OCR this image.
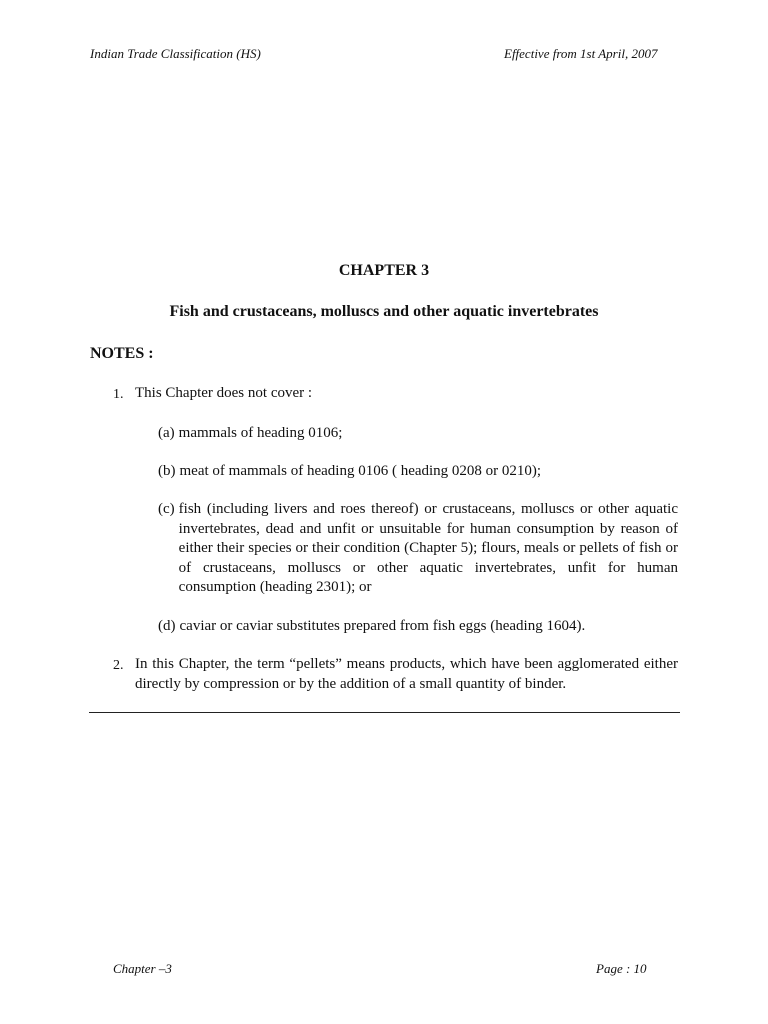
Indian Trade Classification (HS)	Effective from 1st April, 2007
CHAPTER 3
Fish and crustaceans, molluscs and other aquatic invertebrates
NOTES :
1. This Chapter does not cover :
(a) mammals of heading 0106;
(b) meat of mammals of heading 0106 ( heading 0208 or 0210);
(c) fish (including livers and roes thereof) or crustaceans, molluscs or other aquatic invertebrates, dead and unfit or unsuitable for human consumption by reason of either their species or their condition (Chapter 5); flours, meals or pellets of fish or of crustaceans, molluscs or other aquatic invertebrates, unfit for human consumption (heading 2301); or
(d) caviar or caviar substitutes prepared from fish eggs (heading 1604).
2. In this Chapter, the term “pellets” means products, which have been agglomerated either directly by compression or by the addition of a small quantity of binder.
Chapter –3	Page : 10
